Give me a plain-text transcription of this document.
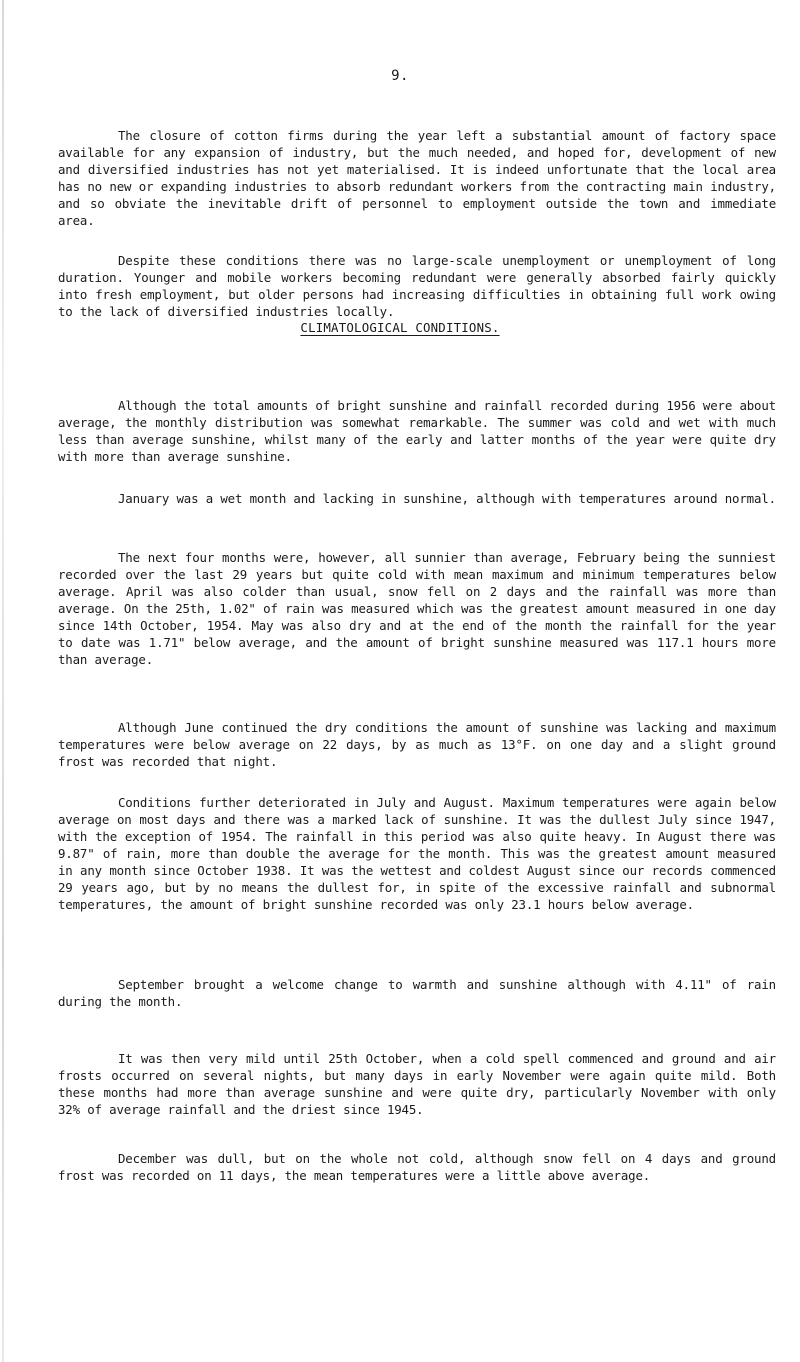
9.

The closure of cotton firms during the year left a substantial amount of factory space available for any expansion of industry, but the much needed, and hoped for, development of new and diversified industries has not yet materialised. It is indeed unfortunate that the local area has no new or expanding industries to absorb redundant workers from the contracting main industry, and so obviate the inevitable drift of personnel to employment outside the town and immediate area.

Despite these conditions there was no large-scale unemployment or unemployment of long duration. Younger and mobile workers becoming redundant were generally absorbed fairly quickly into fresh employment, but older persons had increasing difficulties in obtaining full work owing to the lack of diversified industries locally.

CLIMATOLOGICAL CONDITIONS.

Although the total amounts of bright sunshine and rainfall recorded during 1956 were about average, the monthly distribution was somewhat remarkable. The summer was cold and wet with much less than average sunshine, whilst many of the early and latter months of the year were quite dry with more than average sunshine.

January was a wet month and lacking in sunshine, although with temperatures around normal.

The next four months were, however, all sunnier than average, February being the sunniest recorded over the last 29 years but quite cold with mean maximum and minimum temperatures below average. April was also colder than usual, snow fell on 2 days and the rainfall was more than average. On the 25th, 1.02" of rain was measured which was the greatest amount measured in one day since 14th October, 1954. May was also dry and at the end of the month the rainfall for the year to date was 1.71" below average, and the amount of bright sunshine measured was 117.1 hours more than average.

Although June continued the dry conditions the amount of sunshine was lacking and maximum temperatures were below average on 22 days, by as much as 13°F. on one day and a slight ground frost was recorded that night.

Conditions further deteriorated in July and August. Maximum temperatures were again below average on most days and there was a marked lack of sunshine. It was the dullest July since 1947, with the exception of 1954. The rainfall in this period was also quite heavy. In August there was 9.87" of rain, more than double the average for the month. This was the greatest amount measured in any month since October 1938. It was the wettest and coldest August since our records commenced 29 years ago, but by no means the dullest for, in spite of the excessive rainfall and subnormal temperatures, the amount of bright sunshine recorded was only 23.1 hours below average.

September brought a welcome change to warmth and sunshine although with 4.11" of rain during the month.

It was then very mild until 25th October, when a cold spell commenced and ground and air frosts occurred on several nights, but many days in early November were again quite mild. Both these months had more than average sunshine and were quite dry, particularly November with only 32% of average rainfall and the driest since 1945.

December was dull, but on the whole not cold, although snow fell on 4 days and ground frost was recorded on 11 days, the mean temperatures were a little above average.
